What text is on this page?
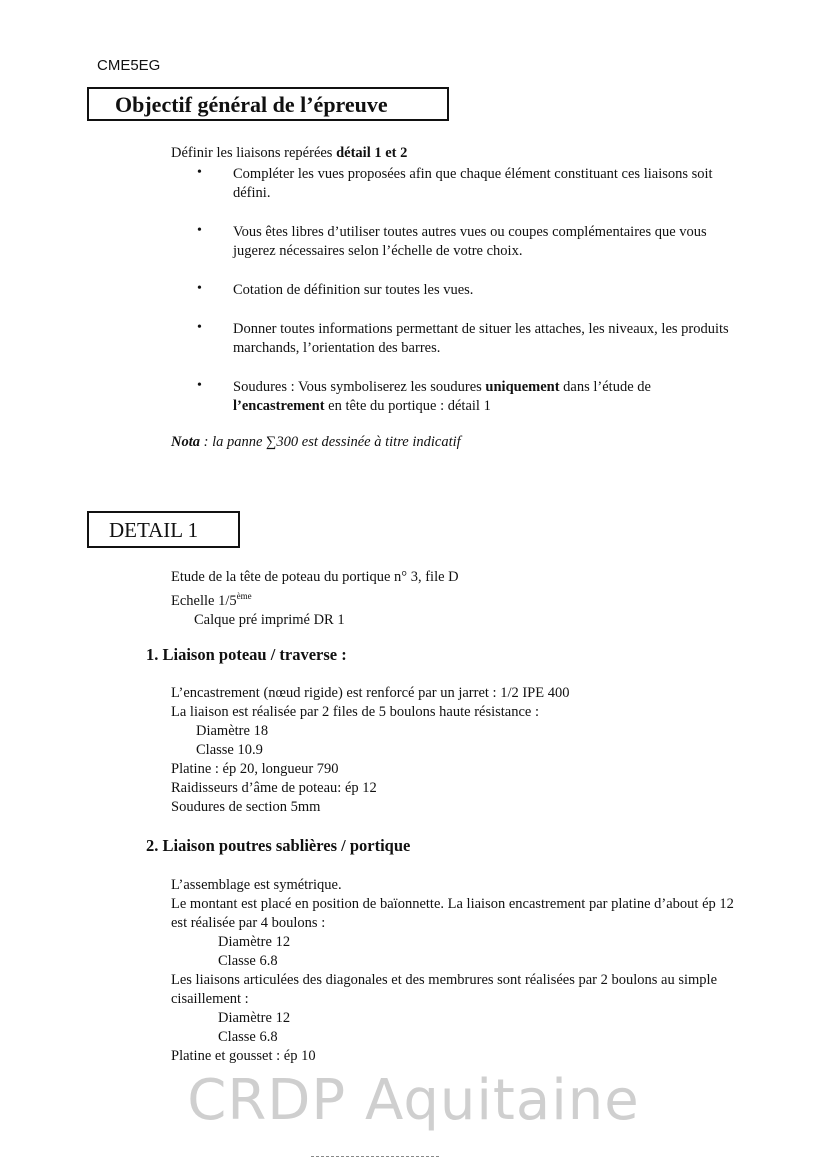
CME5EG
Objectif général de l’épreuve
Définir les liaisons repérées détail 1 et 2
• Compléter les vues proposées afin que chaque élément constituant ces liaisons soit
défini.
• Vous êtes libres d’utiliser toutes autres vues ou coupes complémentaires que vous
jugerez nécessaires selon l’échelle de votre choix.
• Cotation de définition sur toutes les vues.
• Donner toutes informations permettant de situer les attaches, les niveaux, les produits
marchands, l’orientation des barres.
• Soudures : Vous symboliserez les soudures uniquement dans l’étude de
l’encastrement en tête du portique : détail 1
Nota : la panne ∑300 est dessinée à titre indicatif
DETAIL 1
Etude de la tête de poteau du portique n° 3, file D
Echelle 1/5ème
Calque pré imprimé DR 1
1. Liaison poteau / traverse :
L’encastrement (nœud rigide) est renforcé par un jarret : 1/2 IPE 400
La liaison est réalisée par 2 files de 5 boulons haute résistance :
Diamètre 18
Classe 10.9
Platine : ép 20, longueur 790
Raidisseurs d’âme de poteau: ép 12
Soudures de section 5mm
2. Liaison poutres sablières / portique
L’assemblage est symétrique.
Le montant est placé en position de baïonnette. La liaison encastrement par platine d’about ép 12
est réalisée par 4 boulons :
Diamètre 12
Classe 6.8
Les liaisons articulées des diagonales et des membrures sont réalisées par 2 boulons au simple
cisaillement :
Diamètre 12
Classe 6.8
Platine et gousset : ép 10
CRDP Aquitaine
